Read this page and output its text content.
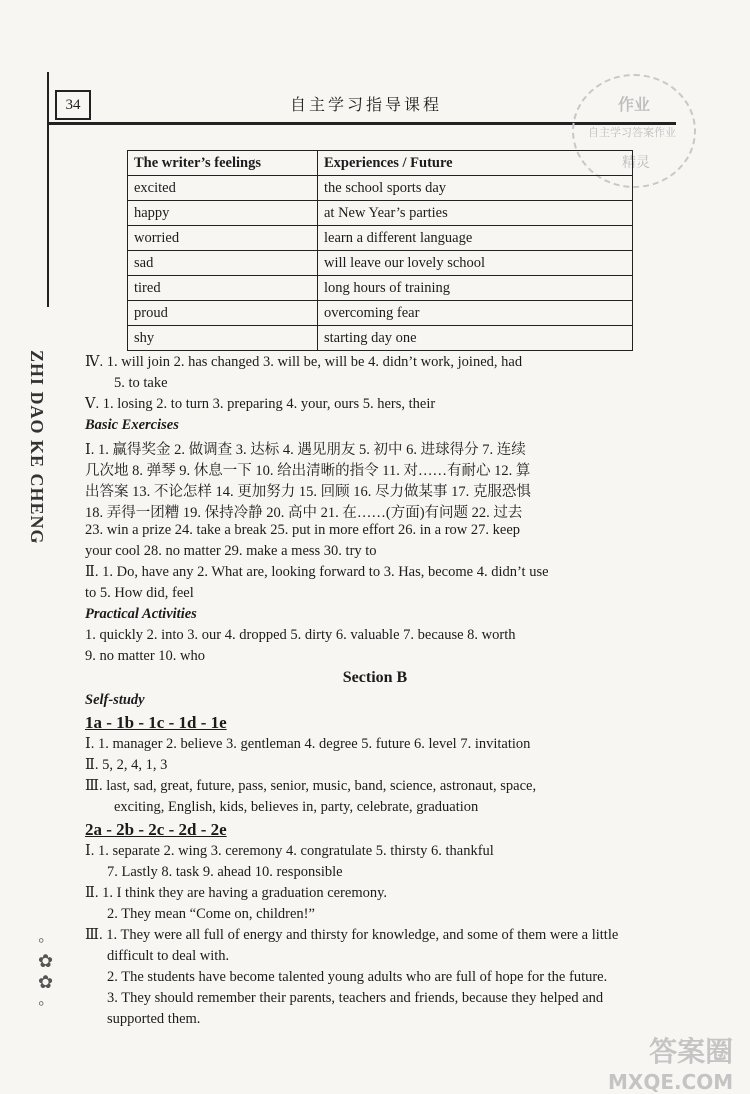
34	自主学习指导课程	作业
自主学习答案作业
精灵
ZHI DAO KE CHENG
◦ ✿ ✿ ◦
The writer’s feelings	Experiences / Future
excited	the school sports day
happy	at New Year’s parties
worried	learn a different language
sad	will leave our lovely school
tired	long hours of training
proud	overcoming fear
shy	starting day one
Ⅳ. 1. will join 2. has changed 3. will be, will be 4. didn’t work, joined, had
5. to take
Ⅴ. 1. losing 2. to turn 3. preparing 4. your, ours 5. hers, their
Basic Exercises
Ⅰ. 1. 赢得奖金 2. 做调查 3. 达标 4. 遇见朋友 5. 初中 6. 进球得分 7. 连续
几次地 8. 弹琴 9. 休息一下 10. 给出清晰的指令 11. 对……有耐心 12. 算
出答案 13. 不论怎样 14. 更加努力 15. 回顾 16. 尽力做某事 17. 克服恐惧
18. 弄得一团糟 19. 保持冷静 20. 高中 21. 在……(方面)有问题 22. 过去
23. win a prize 24. take a break 25. put in more effort 26. in a row 27. keep
your cool 28. no matter 29. make a mess 30. try to
Ⅱ. 1. Do, have any 2. What are, looking forward to 3. Has, become 4. didn’t use
to 5. How did, feel
Practical Activities
1. quickly 2. into 3. our 4. dropped 5. dirty 6. valuable 7. because 8. worth
9. no matter 10. who
Section B
Self-study
1a - 1b - 1c - 1d - 1e
Ⅰ. 1. manager 2. believe 3. gentleman 4. degree 5. future 6. level 7. invitation
Ⅱ. 5, 2, 4, 1, 3
Ⅲ. last, sad, great, future, pass, senior, music, band, science, astronaut, space,
exciting, English, kids, believes in, party, celebrate, graduation
2a - 2b - 2c - 2d - 2e
Ⅰ. 1. separate 2. wing 3. ceremony 4. congratulate 5. thirsty 6. thankful
7. Lastly 8. task 9. ahead 10. responsible
Ⅱ. 1. I think they are having a graduation ceremony.
2. They mean “Come on, children!”
Ⅲ. 1. They were all full of energy and thirsty for knowledge, and some of them were a little
difficult to deal with.
2. The students have become talented young adults who are full of hope for the future.
3. They should remember their parents, teachers and friends, because they helped and
supported them.
答案圈
MXQE.COM
